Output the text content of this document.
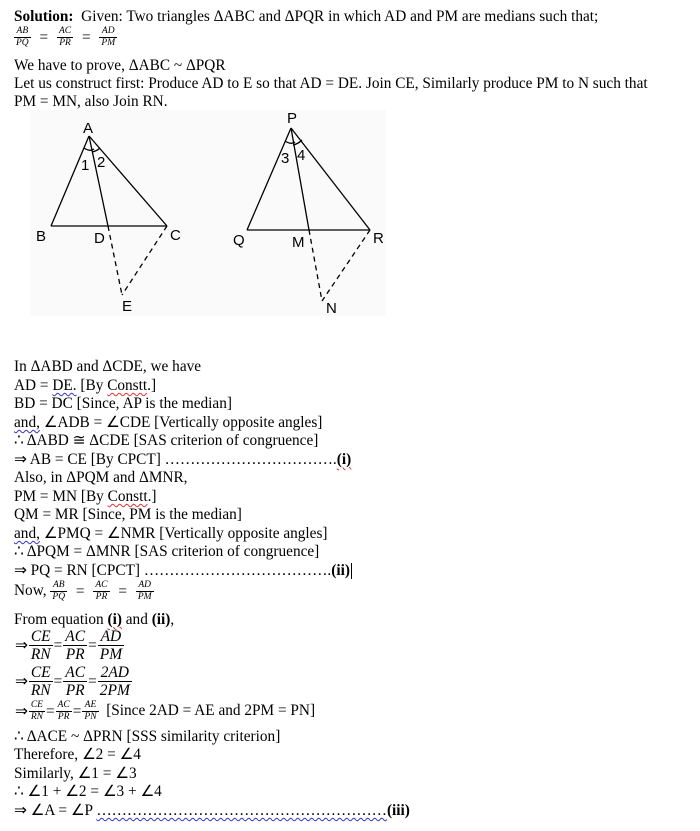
Solution: Given: Two triangles ΔABC and ΔPQR in which AD and PM are medians such that;
$\frac{AB}{PQ} = \frac{AC}{PR} = \frac{AD}{PM}$
We have to prove, ΔABC ~ ΔPQR
Let us construct first: Produce AD to E so that AD = DE. Join CE, Similarly produce PM to N such that
PM = MN, also Join RN.
A
B	C
D
E
1 2
P
Q	R
M
N
3 4
In ΔABD and ΔCDE, we have
AD = DE. [By Constt.]
BD = DC [Since, AP is the median]
and, ∠ADB = ∠CDE [Vertically opposite angles]
∴ ΔABD ≅ ΔCDE [SAS criterion of congruence]
⇒ AB = CE [By CPCT] …………………………….(i)
Also, in ΔPQM and ΔMNR,
PM = MN [By Constt.]
QM = MR [Since, PM is the median]
and, ∠PMQ = ∠NMR [Vertically opposite angles]
∴ ΔPQM = ΔMNR [SAS criterion of congruence]
⇒ PQ = RN [CPCT] ……………………………….(ii)
Now, $\frac{AB}{PQ} = \frac{AC}{PR} = \frac{AD}{PM}$
From equation (i) and (ii),
⇒ $\frac{CE}{RN} = \frac{AC}{PR} = \frac{AD}{PM}$
⇒ $\frac{CE}{RN} = \frac{AC}{PR} = \frac{2AD}{2PM}$
⇒ $\frac{CE}{RN} = \frac{AC}{PR} = \frac{AE}{PN}$ [Since 2AD = AE and 2PM = PN]
∴ ΔACE ~ ΔPRN [SSS similarity criterion]
Therefore, ∠2 = ∠4
Similarly, ∠1 = ∠3
∴ ∠1 + ∠2 = ∠3 + ∠4
⇒ ∠A = ∠P …………………………………………………(iii)
